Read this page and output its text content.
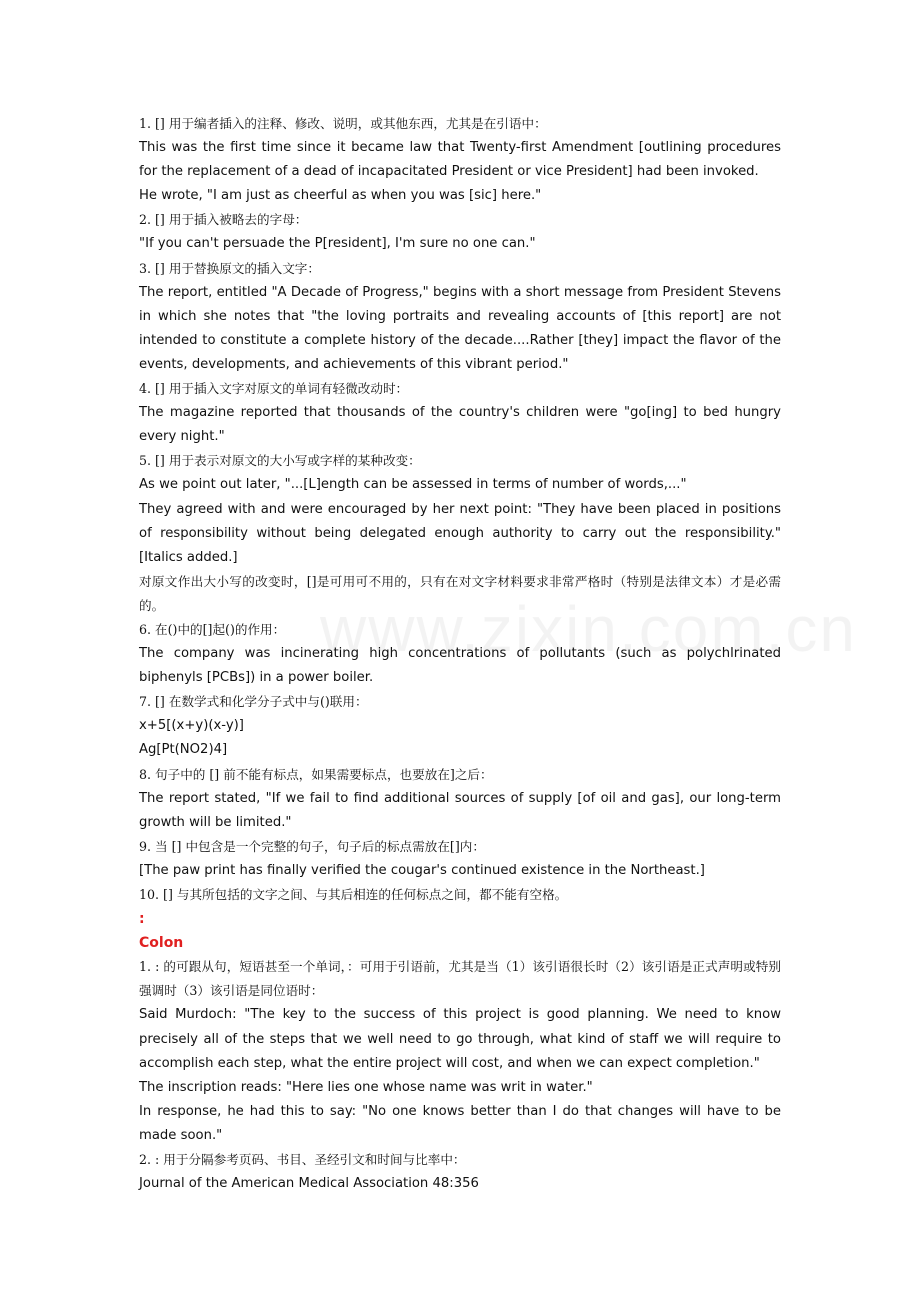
1. [] 用于编者插入的注释、修改、说明，或其他东西，尤其是在引语中：

This was the first time since it became law that Twenty-first Amendment [outlining procedures for the replacement of a dead of incapacitated President or vice President] had been invoked.

He wrote, "I am just as cheerful as when you was [sic] here."

2. [] 用于插入被略去的字母：

"If you can't persuade the P[resident], I'm sure no one can."

3. [] 用于替换原文的插入文字：

The report, entitled "A Decade of Progress," begins with a short message from President Stevens in which she notes that "the loving portraits and revealing accounts of [this report] are not intended to constitute a complete history of the decade....Rather [they] impact the flavor of the events, developments, and achievements of this vibrant period."

4. [] 用于插入文字对原文的单词有轻微改动时：

The magazine reported that thousands of the country's children were "go[ing] to bed hungry every night."

5. [] 用于表示对原文的大小写或字样的某种改变：

As we point out later, "...[L]ength can be assessed in terms of number of words,..."

They agreed with and were encouraged by her next point: "They have been placed in positions of responsibility without being delegated enough authority to carry out the responsibility." [Italics added.]

对原文作出大小写的改变时，[]是可用可不用的，只有在对文字材料要求非常严格时（特别是法律文本）才是必需的。

6. 在()中的[]起()的作用：

The company was incinerating high concentrations of pollutants (such as polychlrinated biphenyls [PCBs]) in a power boiler.

7. [] 在数学式和化学分子式中与()联用：

x+5[(x+y)(x-y)]

Ag[Pt(NO2)4]

8. 句子中的 [] 前不能有标点，如果需要标点，也要放在]之后：

The report stated, "If we fail to find additional sources of supply [of oil and gas], our long-term growth will be limited."

9. 当 [] 中包含是一个完整的句子，句子后的标点需放在[]内：

[The paw print has finally verified the cougar's continued existence in the Northeast.]

10. [] 与其所包括的文字之间、与其后相连的任何标点之间，都不能有空格。

:

Colon

1. : 的可跟从句，短语甚至一个单词，：可用于引语前，尤其是当（1）该引语很长时（2）该引语是正式声明或特别强调时（3）该引语是同位语时：

Said Murdoch: "The key to the success of this project is good planning. We need to know precisely all of the steps that we well need to go through, what kind of staff we will require to accomplish each step, what the entire project will cost, and when we can expect completion."

The inscription reads: "Here lies one whose name was writ in water."

In response, he had this to say: "No one knows better than I do that changes will have to be made soon."

2. : 用于分隔参考页码、书目、圣经引文和时间与比率中：

Journal of the American Medical Association 48:356
